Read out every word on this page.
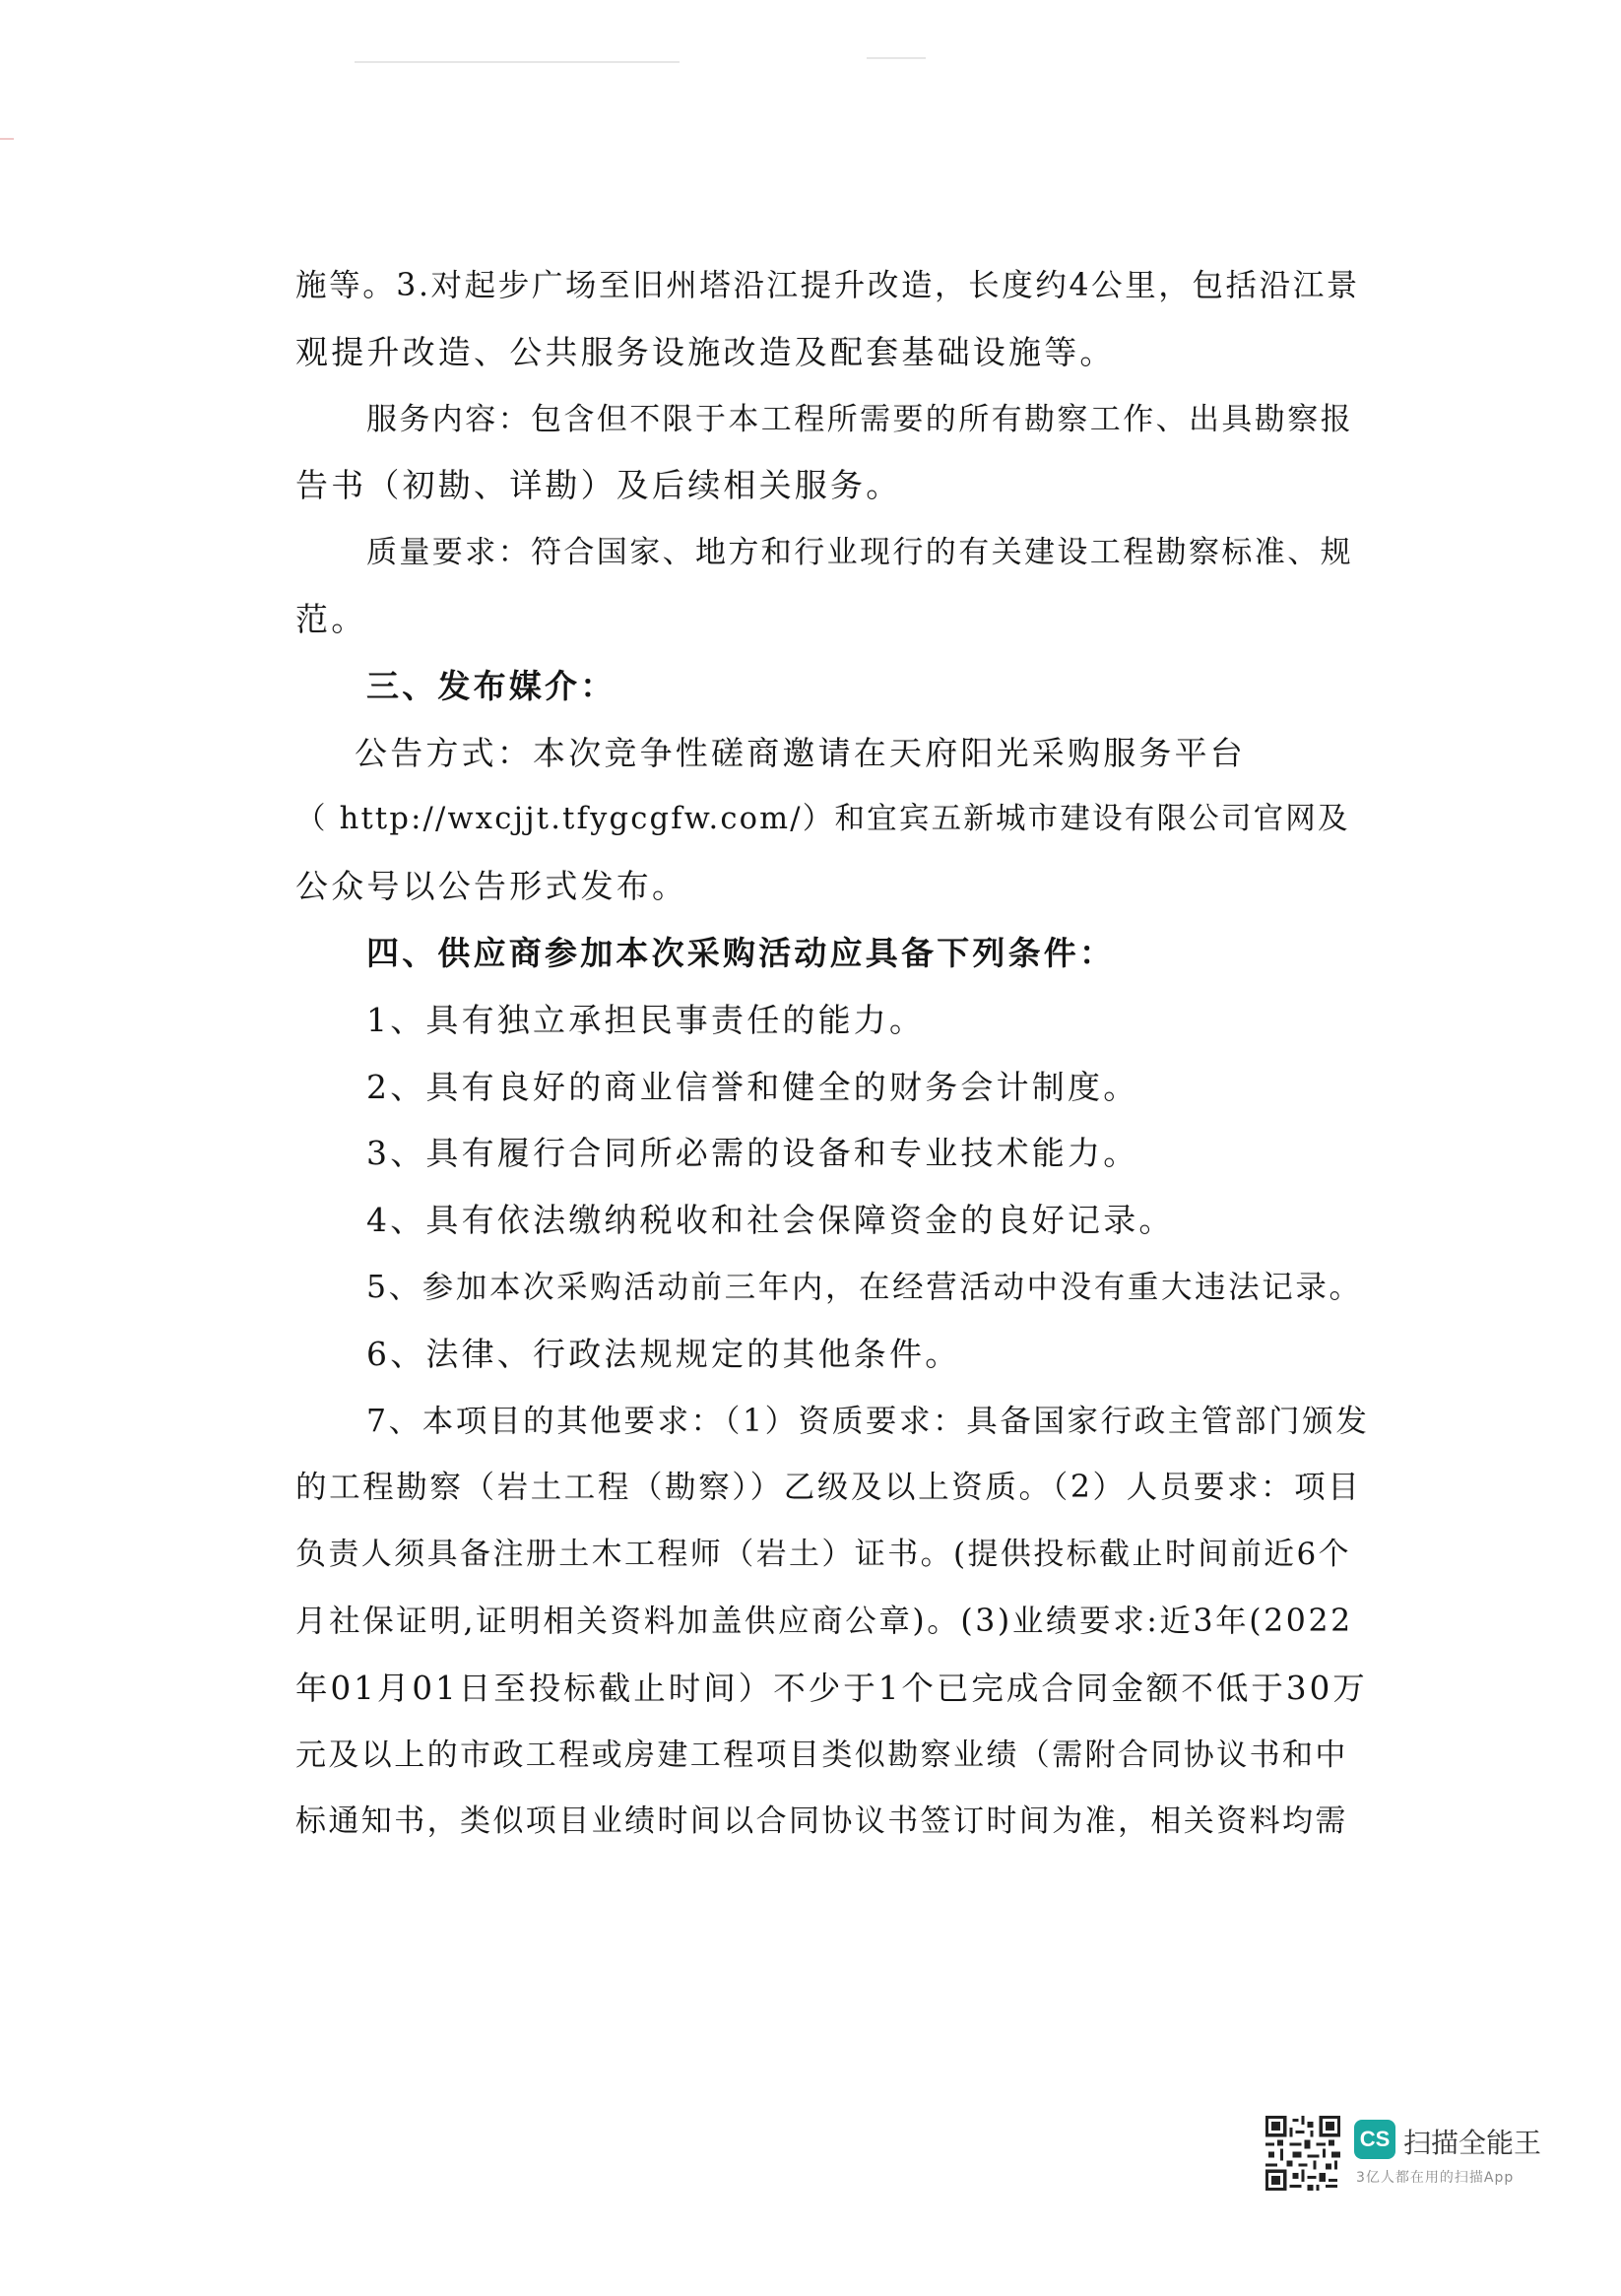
施等。3.对起步广场至旧州塔沿江提升改造，长度约4公里，包括沿江景
观提升改造、公共服务设施改造及配套基础设施等。
服务内容：包含但不限于本工程所需要的所有勘察工作、出具勘察报
告书（初勘、详勘）及后续相关服务。
质量要求：符合国家、地方和行业现行的有关建设工程勘察标准、规
范。
三、发布媒介：
公告方式：本次竞争性磋商邀请在天府阳光采购服务平台
（ http://wxcjjt.tfygcgfw.com/）和宜宾五新城市建设有限公司官网及
公众号以公告形式发布。
四、供应商参加本次采购活动应具备下列条件：
1、具有独立承担民事责任的能力。
2、具有良好的商业信誉和健全的财务会计制度。
3、具有履行合同所必需的设备和专业技术能力。
4、具有依法缴纳税收和社会保障资金的良好记录。
5、参加本次采购活动前三年内，在经营活动中没有重大违法记录。
6、法律、行政法规规定的其他条件。
7、本项目的其他要求：（1）资质要求：具备国家行政主管部门颁发
的工程勘察（岩土工程（勘察））乙级及以上资质。（2）人员要求：项目
负责人须具备注册土木工程师（岩土）证书。(提供投标截止时间前近6个
月社保证明,证明相关资料加盖供应商公章)。(3)业绩要求:近3年(2022
年01月01日至投标截止时间）不少于1个已完成合同金额不低于30万
元及以上的市政工程或房建工程项目类似勘察业绩（需附合同协议书和中
标通知书，类似项目业绩时间以合同协议书签订时间为准，相关资料均需
CS 扫描全能王
3亿人都在用的扫描App
